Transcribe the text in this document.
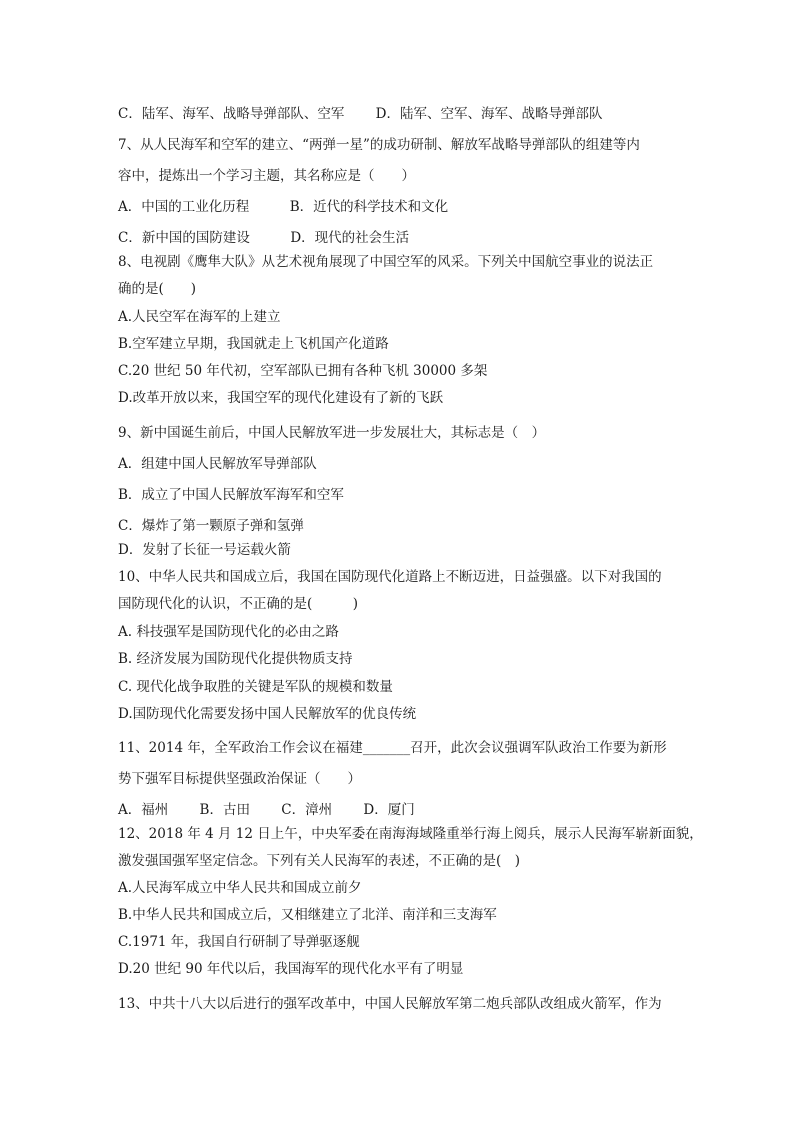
C．陆军、海军、战略导弹部队、空军　　 D．陆军、空军、海军、战略导弹部队
7、从人民海军和空军的建立、“两弹一星”的成功研制、解放军战略导弹部队的组建等内
容中，提炼出一个学习主题，其名称应是（　　）
A．中国的工业化历程　　　B．近代的科学技术和文化
C．新中国的国防建设　　　D．现代的社会生活
8、电视剧《鹰隼大队》从艺术视角展现了中国空军的风采。下列关中国航空事业的说法正
确的是(　　)
A.人民空军在海军的上建立
B.空军建立早期，我国就走上飞机国产化道路
C.20 世纪 50 年代初，空军部队已拥有各种飞机 30000 多架
D.改革开放以来，我国空军的现代化建设有了新的飞跃
9、新中国诞生前后，中国人民解放军进一步发展壮大，其标志是（　）
A．组建中国人民解放军导弹部队
B．成立了中国人民解放军海军和空军
C．爆炸了第一颗原子弹和氢弹
D．发射了长征一号运载火箭
10、中华人民共和国成立后，我国在国防现代化道路上不断迈进，日益强盛。以下对我国的
国防现代化的认识，不正确的是(　　　)
A. 科技强军是国防现代化的必由之路
B. 经济发展为国防现代化提供物质支持
C. 现代化战争取胜的关键是军队的规模和数量
D.国防现代化需要发扬中国人民解放军的优良传统
11、2014 年，全军政治工作会议在福建_______召开，此次会议强调军队政治工作要为新形
势下强军目标提供坚强政治保证（　　）
A．福州　　 B．古田　　 C．漳州　　 D．厦门
12、2018 年 4 月 12 日上午，中央军委在南海海域隆重举行海上阅兵，展示人民海军崭新面貌，
激发强国强军坚定信念。下列有关人民海军的表述，不正确的是(　)
A.人民海军成立中华人民共和国成立前夕
B.中华人民共和国成立后，又相继建立了北洋、南洋和三支海军
C.1971 年，我国自行研制了导弹驱逐舰
D.20 世纪 90 年代以后，我国海军的现代化水平有了明显
13、中共十八大以后进行的强军改革中，中国人民解放军第二炮兵部队改组成火箭军，作为
